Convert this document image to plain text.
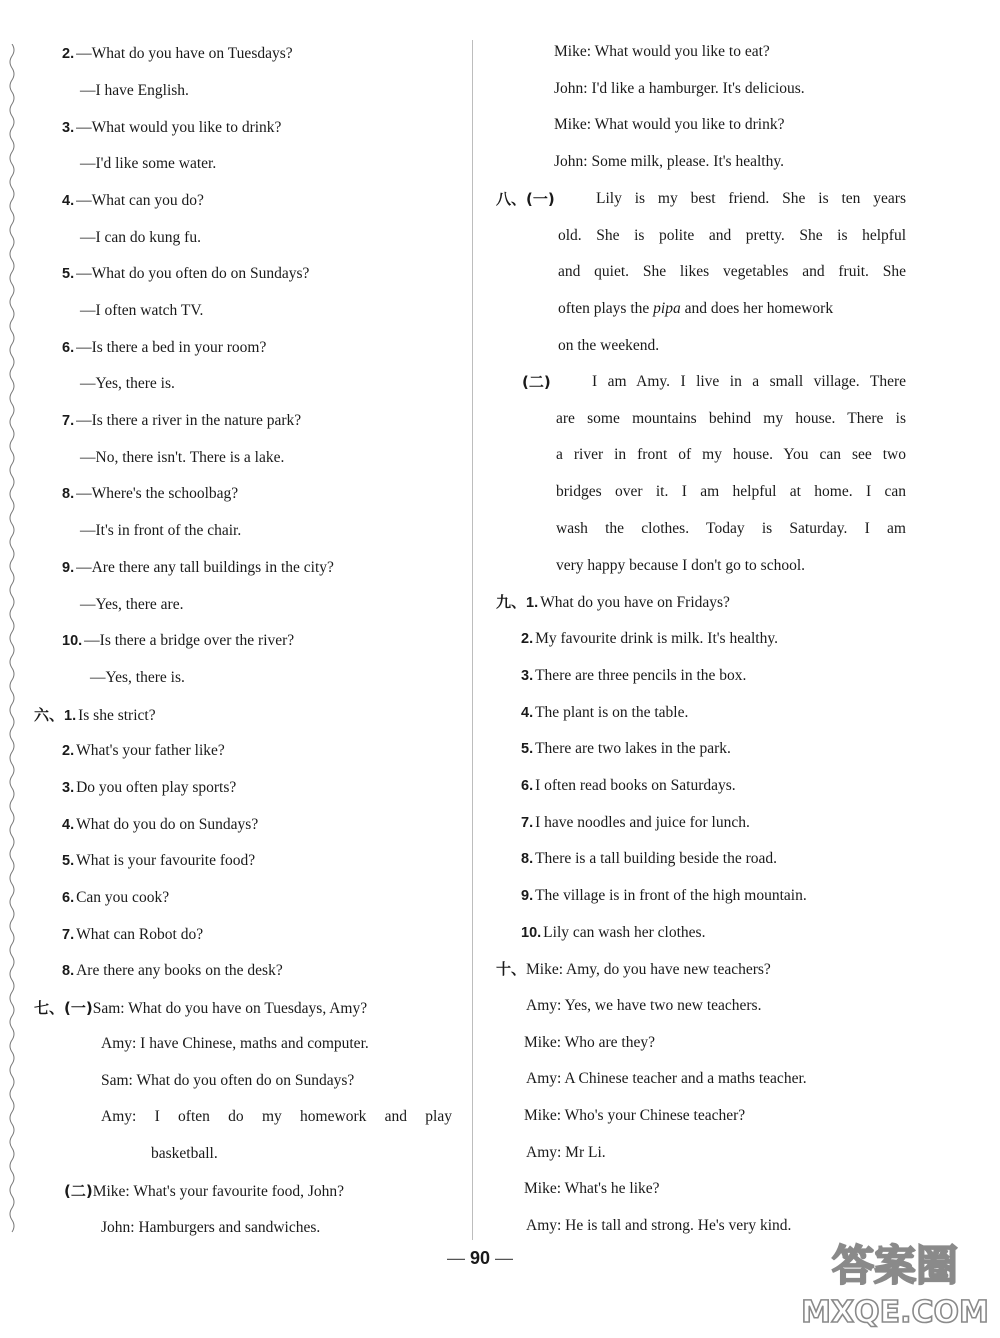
2. —What do you have on Tuesdays?
—I have English.
3. —What would you like to drink?
—I'd like some water.
4. —What can you do?
—I can do kung fu.
5. —What do you often do on Sundays?
—I often watch TV.
6. —Is there a bed in your room?
—Yes, there is.
7. —Is there a river in the nature park?
—No, there isn't. There is a lake.
8. —Where's the schoolbag?
—It's in front of the chair.
9. —Are there any tall buildings in the city?
—Yes, there are.
10. —Is there a bridge over the river?
—Yes, there is.
六、1. Is she strict?
2. What's your father like?
3. Do you often play sports?
4. What do you do on Sundays?
5. What is your favourite food?
6. Can you cook?
7. What can Robot do?
8. Are there any books on the desk?
七、(一)Sam: What do you have on Tuesdays, Amy?
Amy: I have Chinese, maths and computer.
Sam: What do you often do on Sundays?
Amy: I often do my homework and play
basketball.
(二)Mike: What's your favourite food, John?
John: Hamburgers and sandwiches.
Mike: What would you like to eat?
John: I'd like a hamburger. It's delicious.
Mike: What would you like to drink?
John: Some milk, please. It's healthy.
八、(一)	Lily is my best friend. She is ten years
old. She is polite and pretty. She is helpful
and quiet. She likes vegetables and fruit. She
often plays the pipa and does her homework
on the weekend.
(二)	I am Amy. I live in a small village. There
are some mountains behind my house. There is
a river in front of my house. You can see two
bridges over it. I am helpful at home. I can
wash the clothes. Today is Saturday. I am
very happy because I don't go to school.
九、1. What do you have on Fridays?
2. My favourite drink is milk. It's healthy.
3. There are three pencils in the box.
4. The plant is on the table.
5. There are two lakes in the park.
6. I often read books on Saturdays.
7. I have noodles and juice for lunch.
8. There is a tall building beside the road.
9. The village is in front of the high mountain.
10. Lily can wash her clothes.
十、Mike: Amy, do you have new teachers?
Amy: Yes, we have two new teachers.
Mike: Who are they?
Amy: A Chinese teacher and a maths teacher.
Mike: Who's your Chinese teacher?
Amy: Mr Li.
Mike: What's he like?
Amy: He is tall and strong. He's very kind.
— 90 —	答案圈
MXQE.COM
